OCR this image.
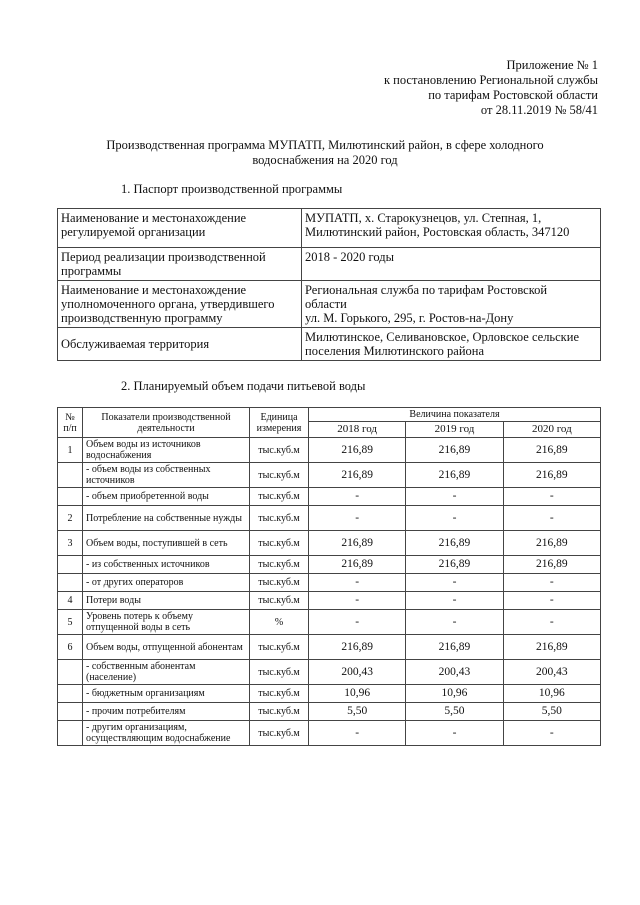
Приложение № 1
к постановлению Региональной службы
по тарифам Ростовской области
от 28.11.2019 № 58/41
Производственная программа МУПАТП, Милютинский район, в сфере холодного
водоснабжения на 2020 год
1. Паспорт производственной программы
Наименование и местонахождение
регулируемой организации	МУПАТП, х. Старокузнецов, ул. Степная, 1,
Милютинский район, Ростовская область, 347120

Период реализации производственной
программы	2018 - 2020 годы

Наименование и местонахождение
уполномоченного органа, утвердившего
производственную программу	Региональная служба по тарифам Ростовской
области
ул. М. Горького, 295, г. Ростов-на-Дону

Обслуживаемая территория	Милютинское, Селивановское, Орловское сельские
поселения Милютинского района
2. Планируемый объем подачи питьевой воды
№ п/п	Показатели производственной деятельности	Единица измерения	Величина показателя		
			2018 год	2019 год	2020 год
1	Объем воды из источников водоснабжения	тыс.куб.м	216,89	216,89	216,89
	- объем воды из собственных источников	тыс.куб.м	216,89	216,89	216,89
	- объем приобретенной воды	тыс.куб.м	-	-	-
2	Потребление на собственные нужды	тыс.куб.м	-	-	-
3	Объем воды, поступившей в сеть	тыс.куб.м	216,89	216,89	216,89
	- из собственных источников	тыс.куб.м	216,89	216,89	216,89
	- от других операторов	тыс.куб.м	-	-	-
4	Потери воды	тыс.куб.м	-	-	-
5	Уровень потерь к объему отпущенной воды в сеть	%	-	-	-
6	Объем воды, отпущенной абонентам	тыс.куб.м	216,89	216,89	216,89
	- собственным абонентам (население)	тыс.куб.м	200,43	200,43	200,43
	- бюджетным организациям	тыс.куб.м	10,96	10,96	10,96
	- прочим потребителям	тыс.куб.м	5,50	5,50	5,50
	- другим организациям, осуществляющим водоснабжение	тыс.куб.м	-	-	-
